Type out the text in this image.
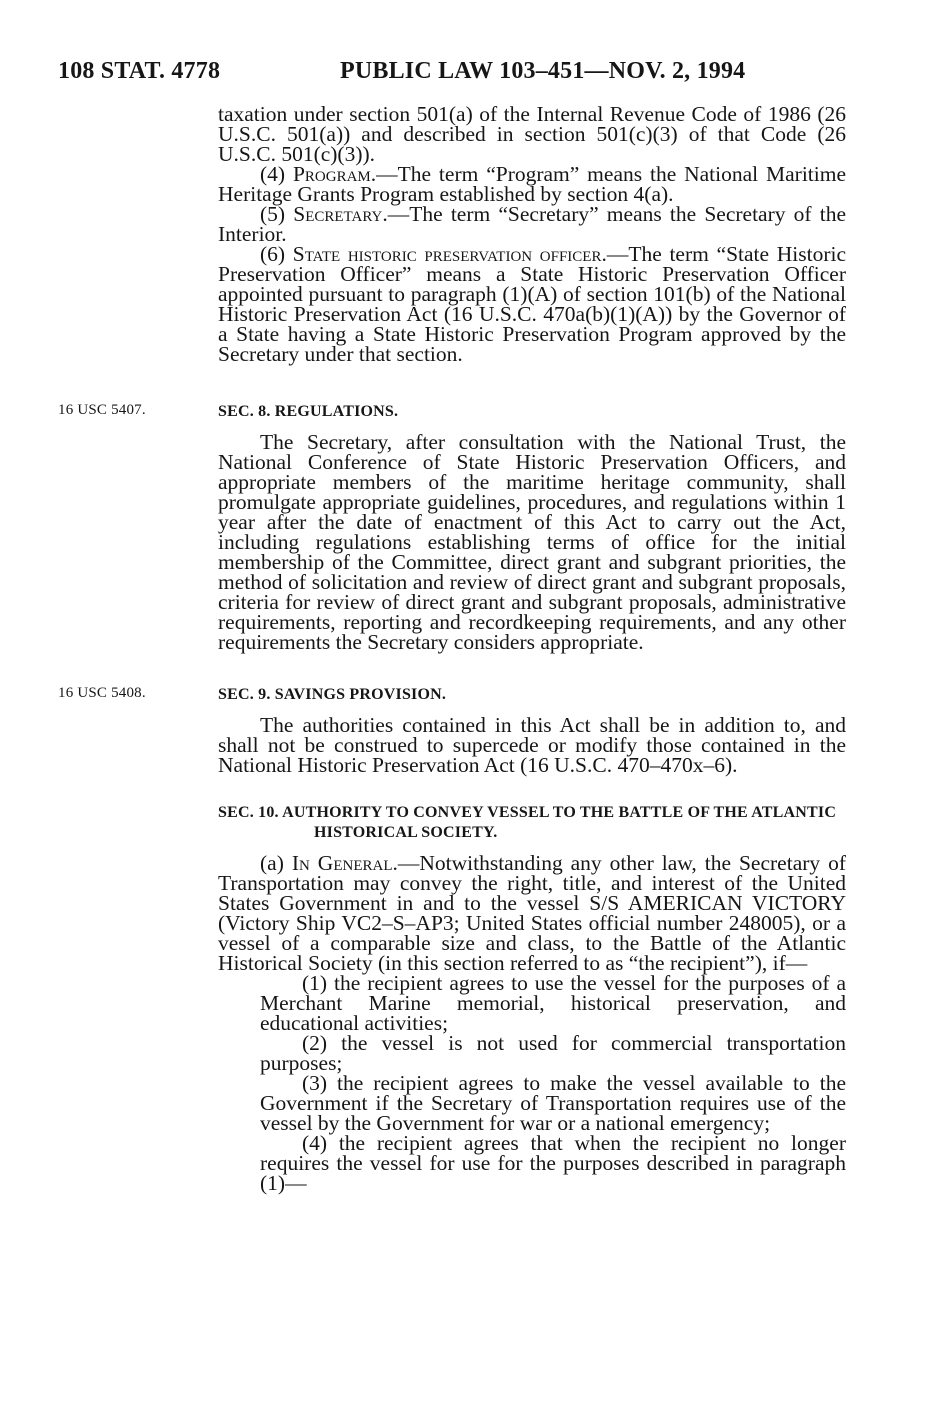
108 STAT. 4778	PUBLIC LAW 103–451—NOV. 2, 1994

taxation under section 501(a) of the Internal Revenue Code of 1986 (26 U.S.C. 501(a)) and described in section 501(c)(3) of that Code (26 U.S.C. 501(c)(3)).

(4) Program.—The term “Program” means the National Maritime Heritage Grants Program established by section 4(a).

(5) Secretary.—The term “Secretary” means the Secretary of the Interior.

(6) State historic preservation officer.—The term “State Historic Preservation Officer” means a State Historic Preservation Officer appointed pursuant to paragraph (1)(A) of section 101(b) of the National Historic Preservation Act (16 U.S.C. 470a(b)(1)(A)) by the Governor of a State having a State Historic Preservation Program approved by the Secretary under that section.

16 USC 5407.	SEC. 8. REGULATIONS.

The Secretary, after consultation with the National Trust, the National Conference of State Historic Preservation Officers, and appropriate members of the maritime heritage community, shall promulgate appropriate guidelines, procedures, and regulations within 1 year after the date of enactment of this Act to carry out the Act, including regulations establishing terms of office for the initial membership of the Committee, direct grant and subgrant priorities, the method of solicitation and review of direct grant and subgrant proposals, criteria for review of direct grant and subgrant proposals, administrative requirements, reporting and recordkeeping requirements, and any other requirements the Secretary considers appropriate.

16 USC 5408.	SEC. 9. SAVINGS PROVISION.

The authorities contained in this Act shall be in addition to, and shall not be construed to supercede or modify those contained in the National Historic Preservation Act (16 U.S.C. 470–470x–6).

SEC. 10. AUTHORITY TO CONVEY VESSEL TO THE BATTLE OF THE ATLANTIC HISTORICAL SOCIETY.

(a) In General.—Notwithstanding any other law, the Secretary of Transportation may convey the right, title, and interest of the United States Government in and to the vessel S/S AMERICAN VICTORY (Victory Ship VC2–S–AP3; United States official number 248005), or a vessel of a comparable size and class, to the Battle of the Atlantic Historical Society (in this section referred to as “the recipient”), if—

(1) the recipient agrees to use the vessel for the purposes of a Merchant Marine memorial, historical preservation, and educational activities;

(2) the vessel is not used for commercial transportation purposes;

(3) the recipient agrees to make the vessel available to the Government if the Secretary of Transportation requires use of the vessel by the Government for war or a national emergency;

(4) the recipient agrees that when the recipient no longer requires the vessel for use for the purposes described in paragraph (1)—
